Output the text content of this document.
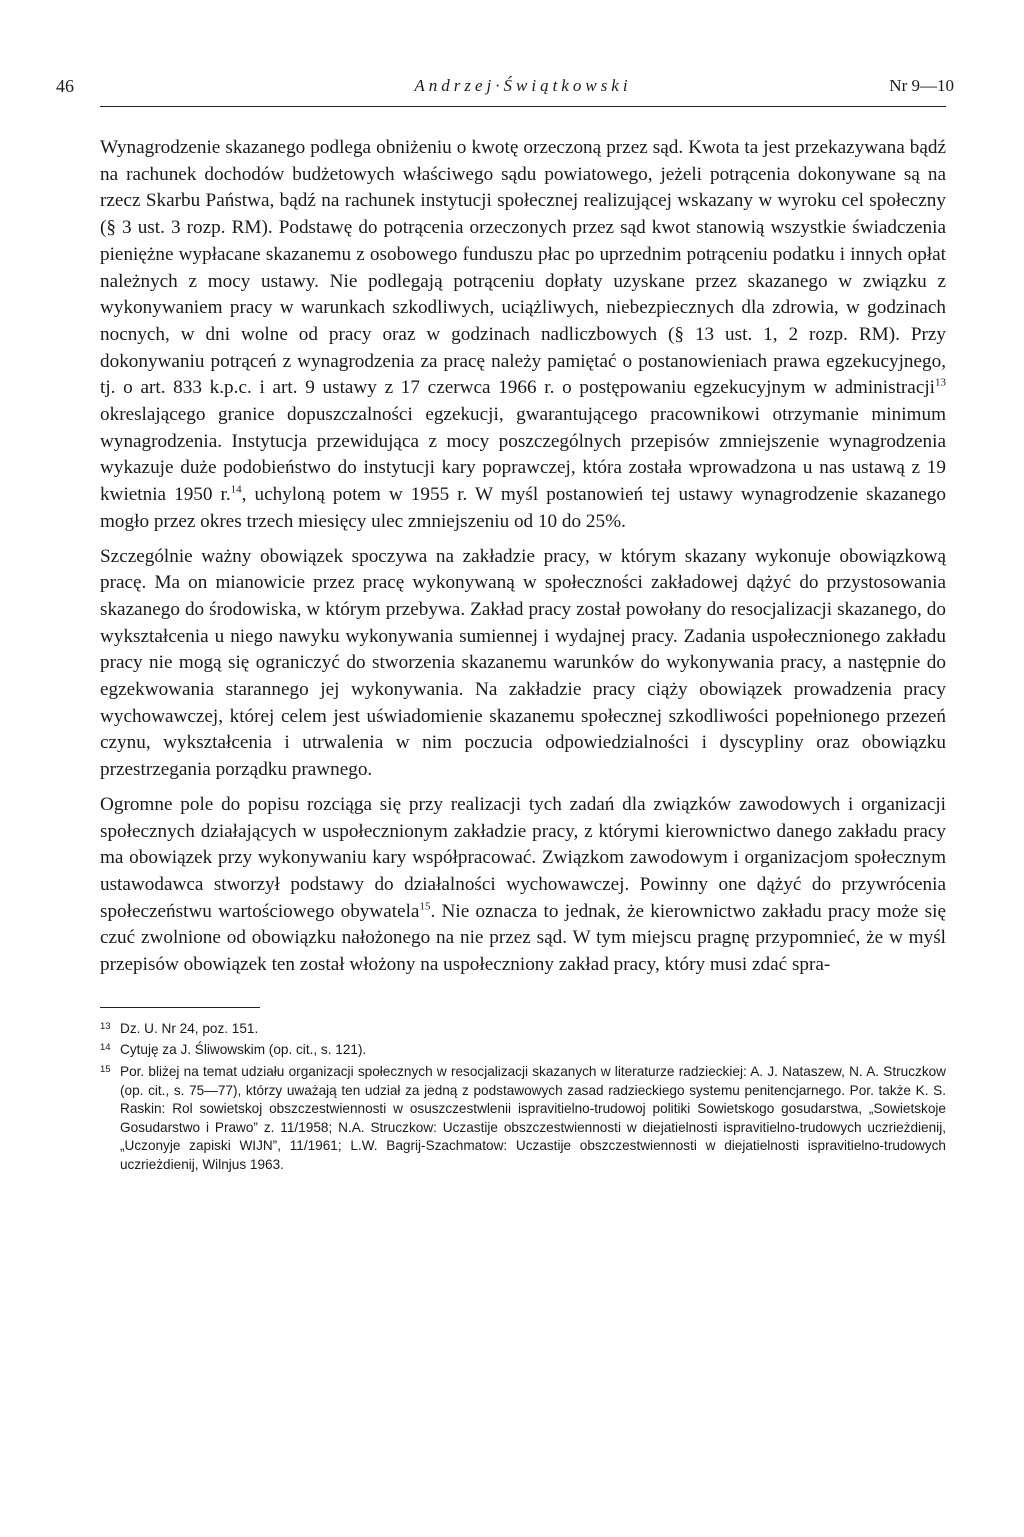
46	Andrzej·Świątkowski	Nr 9—10

Wynagrodzenie skazanego podlega obniżeniu o kwotę orzeczoną przez sąd. Kwota ta jest przekazywana bądź na rachunek dochodów budżetowych właściwego sądu powiatowego, jeżeli potrącenia dokonywane są na rzecz Skarbu Państwa, bądź na rachunek instytucji społecznej realizującej wskazany w wyroku cel społeczny (§ 3 ust. 3 rozp. RM). Podstawę do potrącenia orzeczonych przez sąd kwot stanowią wszystkie świadczenia pieniężne wypłacane skazanemu z osobowego funduszu płac po uprzednim potrąceniu podatku i innych opłat należnych z mocy ustawy. Nie podlegają potrąceniu dopłaty uzyskane przez skazanego w związku z wykonywaniem pracy w warunkach szkodliwych, uciążliwych, niebezpiecznych dla zdrowia, w godzinach nocnych, w dni wolne od pracy oraz w godzinach nadliczbowych (§ 13 ust. 1, 2 rozp. RM). Przy dokonywaniu potrąceń z wynagrodzenia za pracę należy pamiętać o postanowieniach prawa egzekucyjnego, tj. o art. 833 k.p.c. i art. 9 ustawy z 17 czerwca 1966 r. o postępowaniu egzekucyjnym w administracji$^{13}$ okreslającego granice dopuszczalności egzekucji, gwarantującego pracownikowi otrzymanie minimum wynagrodzenia. Instytucja przewidująca z mocy poszczególnych przepisów zmniejszenie wynagrodzenia wykazuje duże podobieństwo do instytucji kary poprawczej, która została wprowadzona u nas ustawą z 19 kwietnia 1950 r.$^{14}$, uchyloną potem w 1955 r. W myśl postanowień tej ustawy wynagrodzenie skazanego mogło przez okres trzech miesięcy ulec zmniejszeniu od 10 do 25%.

Szczególnie ważny obowiązek spoczywa na zakładzie pracy, w którym skazany wykonuje obowiązkową pracę. Ma on mianowicie przez pracę wykonywaną w społeczności zakładowej dążyć do przystosowania skazanego do środowiska, w którym przebywa. Zakład pracy został powołany do resocjalizacji skazanego, do wykształcenia u niego nawyku wykonywania sumiennej i wydajnej pracy. Zadania uspołecznionego zakładu pracy nie mogą się ograniczyć do stworzenia skazanemu warunków do wykonywania pracy, a następnie do egzekwowania starannego jej wykonywania. Na zakładzie pracy ciąży obowiązek prowadzenia pracy wychowawczej, której celem jest uświadomienie skazanemu społecznej szkodliwości popełnionego przezeń czynu, wykształcenia i utrwalenia w nim poczucia odpowiedzialności i dyscypliny oraz obowiązku przestrzegania porządku prawnego.

Ogromne pole do popisu rozciąga się przy realizacji tych zadań dla związków zawodowych i organizacji społecznych działających w uspołecznionym zakładzie pracy, z którymi kierownictwo danego zakładu pracy ma obowiązek przy wykonywaniu kary współpracować. Związkom zawodowym i organizacjom społecznym ustawodawca stworzył podstawy do działalności wychowawczej. Powinny one dążyć do przywrócenia społeczeństwu wartościowego obywatela$^{15}$. Nie oznacza to jednak, że kierownictwo zakładu pracy może się czuć zwolnione od obowiązku nałożonego na nie przez sąd. W tym miejscu pragnę przypomnieć, że w myśl przepisów obowiązek ten został włożony na uspołeczniony zakład pracy, który musi zdać spra-

13 Dz. U. Nr 24, poz. 151.
14 Cytuję za J. Śliwowskim (op. cit., s. 121).
15 Por. bliżej na temat udziału organizacji społecznych w resocjalizacji skazanych w literaturze radzieckiej: A. J. Nataszew, N. A. Struczkow (op. cit., s. 75—77), którzy uważają ten udział za jedną z podstawowych zasad radzieckiego systemu penitencjarnego. Por. także K. S. Raskin: Rol sowietskoj obszczestwiennosti w osuszczestwlenii ispravitielno-trudowoj politiki Sowietskogo gosudarstwa, „Sowietskoje Gosudarstwo i Prawo” z. 11/1958; N.A. Struczkow: Uczastije obszczestwiennosti w diejatielnosti ispravitielno-trudowych uczrieżdienij, „Uczonyje zapiski WIJN”, 11/1961; L.W. Bagrij-Szachmatow: Uczastije obszczestwiennosti w diejatielnosti ispravitielno-trudowych uczrieżdienij, Wilnjus 1963.
